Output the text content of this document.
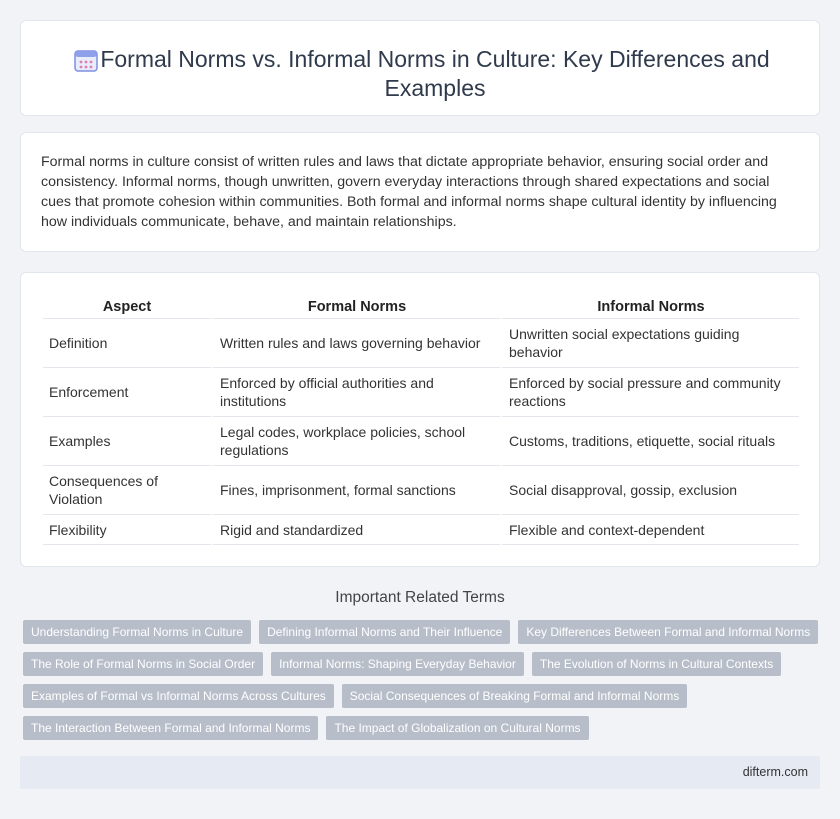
Formal Norms vs. Informal Norms in Culture: Key Differences and Examples

Formal norms in culture consist of written rules and laws that dictate appropriate behavior, ensuring social order and consistency. Informal norms, though unwritten, govern everyday interactions through shared expectations and social cues that promote cohesion within communities. Both formal and informal norms shape cultural identity by influencing how individuals communicate, behave, and maintain relationships.

Aspect	Formal Norms	Informal Norms
Definition	Written rules and laws governing behavior	Unwritten social expectations guiding behavior
Enforcement	Enforced by official authorities and institutions	Enforced by social pressure and community reactions
Examples	Legal codes, workplace policies, school regulations	Customs, traditions, etiquette, social rituals
Consequences of Violation	Fines, imprisonment, formal sanctions	Social disapproval, gossip, exclusion
Flexibility	Rigid and standardized	Flexible and context-dependent
Important Related Terms
Understanding Formal Norms in Culture	Defining Informal Norms and Their Influence	Key Differences Between Formal and Informal Norms
The Role of Formal Norms in Social Order	Informal Norms: Shaping Everyday Behavior	The Evolution of Norms in Cultural Contexts
Examples of Formal vs Informal Norms Across Cultures	Social Consequences of Breaking Formal and Informal Norms
The Interaction Between Formal and Informal Norms	The Impact of Globalization on Cultural Norms
difterm.com
